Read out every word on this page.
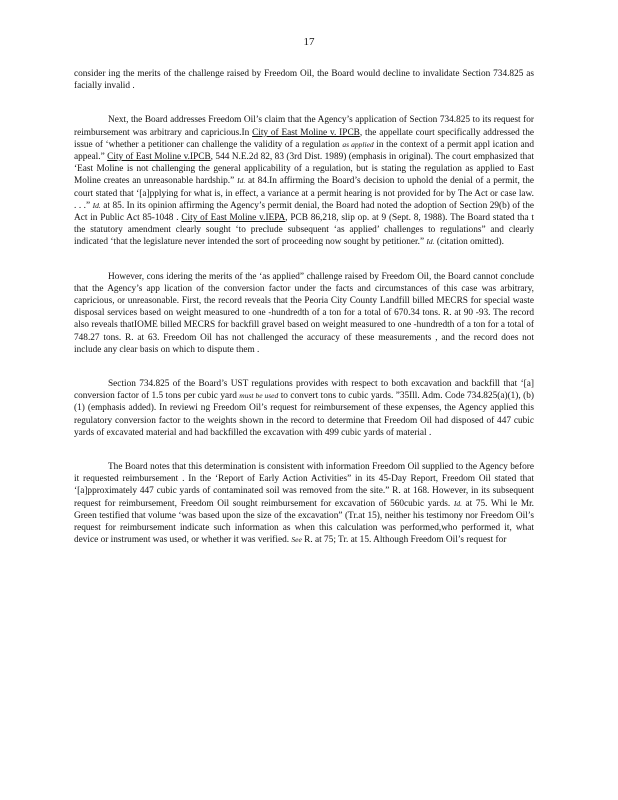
17

consider ing the merits of the challenge raised by Freedom Oil, the Board would decline to invalidate Section 734.825 as facially invalid .

Next, the Board addresses Freedom Oil’s claim that the Agency’s application of Section 734.825 to its request for reimbursement was arbitrary and capricious.In City of East Moline v. IPCB, the appellate court specifically addressed the issue of ‘whether a petitioner can challenge the validity of a regulation as applied in the context of a permit appl ication and appeal.” City of East Moline v.IPCB, 544 N.E.2d 82, 83 (3rd Dist. 1989) (emphasis in original). The court emphasized that ‘East Moline is not challenging the general applicability of a regulation, but is stating the regulation as applied to East Moline creates an unreasonable hardship.” Id. at 84.In affirming the Board’s decision to uphold the denial of a permit, the court stated that ‘[a]pplying for what is, in effect, a variance at a permit hearing is not provided for by The Act or case law. . . .” Id. at 85. In its opinion affirming the Agency’s permit denial, the Board had noted the adoption of Section 29(b) of the Act in Public Act 85-1048 . City of East Moline v.IEPA, PCB 86,218, slip op. at 9 (Sept. 8, 1988). The Board stated tha t the statutory amendment clearly sought ‘to preclude subsequent ‘as applied’ challenges to regulations” and clearly indicated ‘that the legislature never intended the sort of proceeding now sought by petitioner.” Id. (citation omitted).

However, cons idering the merits of the ‘as applied” challenge raised by Freedom Oil, the Board cannot conclude that the Agency’s app lication of the conversion factor under the facts and circumstances of this case was arbitrary, capricious, or unreasonable. First, the record reveals that the Peoria City County Landfill billed MECRS for special waste disposal services based on weight measured to one -hundredth of a ton for a total of 670.34 tons. R. at 90 -93. The record also reveals thatIOME billed MECRS for backfill gravel based on weight measured to one -hundredth of a ton for a total of 748.27 tons. R. at 63. Freedom Oil has not challenged the accuracy of these measurements , and the record does not include any clear basis on which to dispute them .

Section 734.825 of the Board’s UST regulations provides with respect to both excavation and backfill that ‘[a] conversion factor of 1.5 tons per cubic yard must be used to convert tons to cubic yards. ”35Ill. Adm. Code 734.825(a)(1), (b)(1) (emphasis added). In reviewi ng Freedom Oil’s request for reimbursement of these expenses, the Agency applied this regulatory conversion factor to the weights shown in the record to determine that Freedom Oil had disposed of 447 cubic yards of excavated material and had backfilled the excavation with 499 cubic yards of material .

The Board notes that this determination is consistent with information Freedom Oil supplied to the Agency before it requested reimbursement . In the ‘Report of Early Action Activities” in its 45-Day Report, Freedom Oil stated that ‘[a]pproximately 447 cubic yards of contaminated soil was removed from the site.” R. at 168. However, in its subsequent request for reimbursement, Freedom Oil sought reimbursement for excavation of 560cubic yards. Id. at 75. Whi le Mr. Green testified that volume ‘was based upon the size of the excavation” (Tr.at 15), neither his testimony nor Freedom Oil’s request for reimbursement indicate such information as when this calculation was performed,who performed it, what device or instrument was used, or whether it was verified. See R. at 75; Tr. at 15. Although Freedom Oil’s request for
